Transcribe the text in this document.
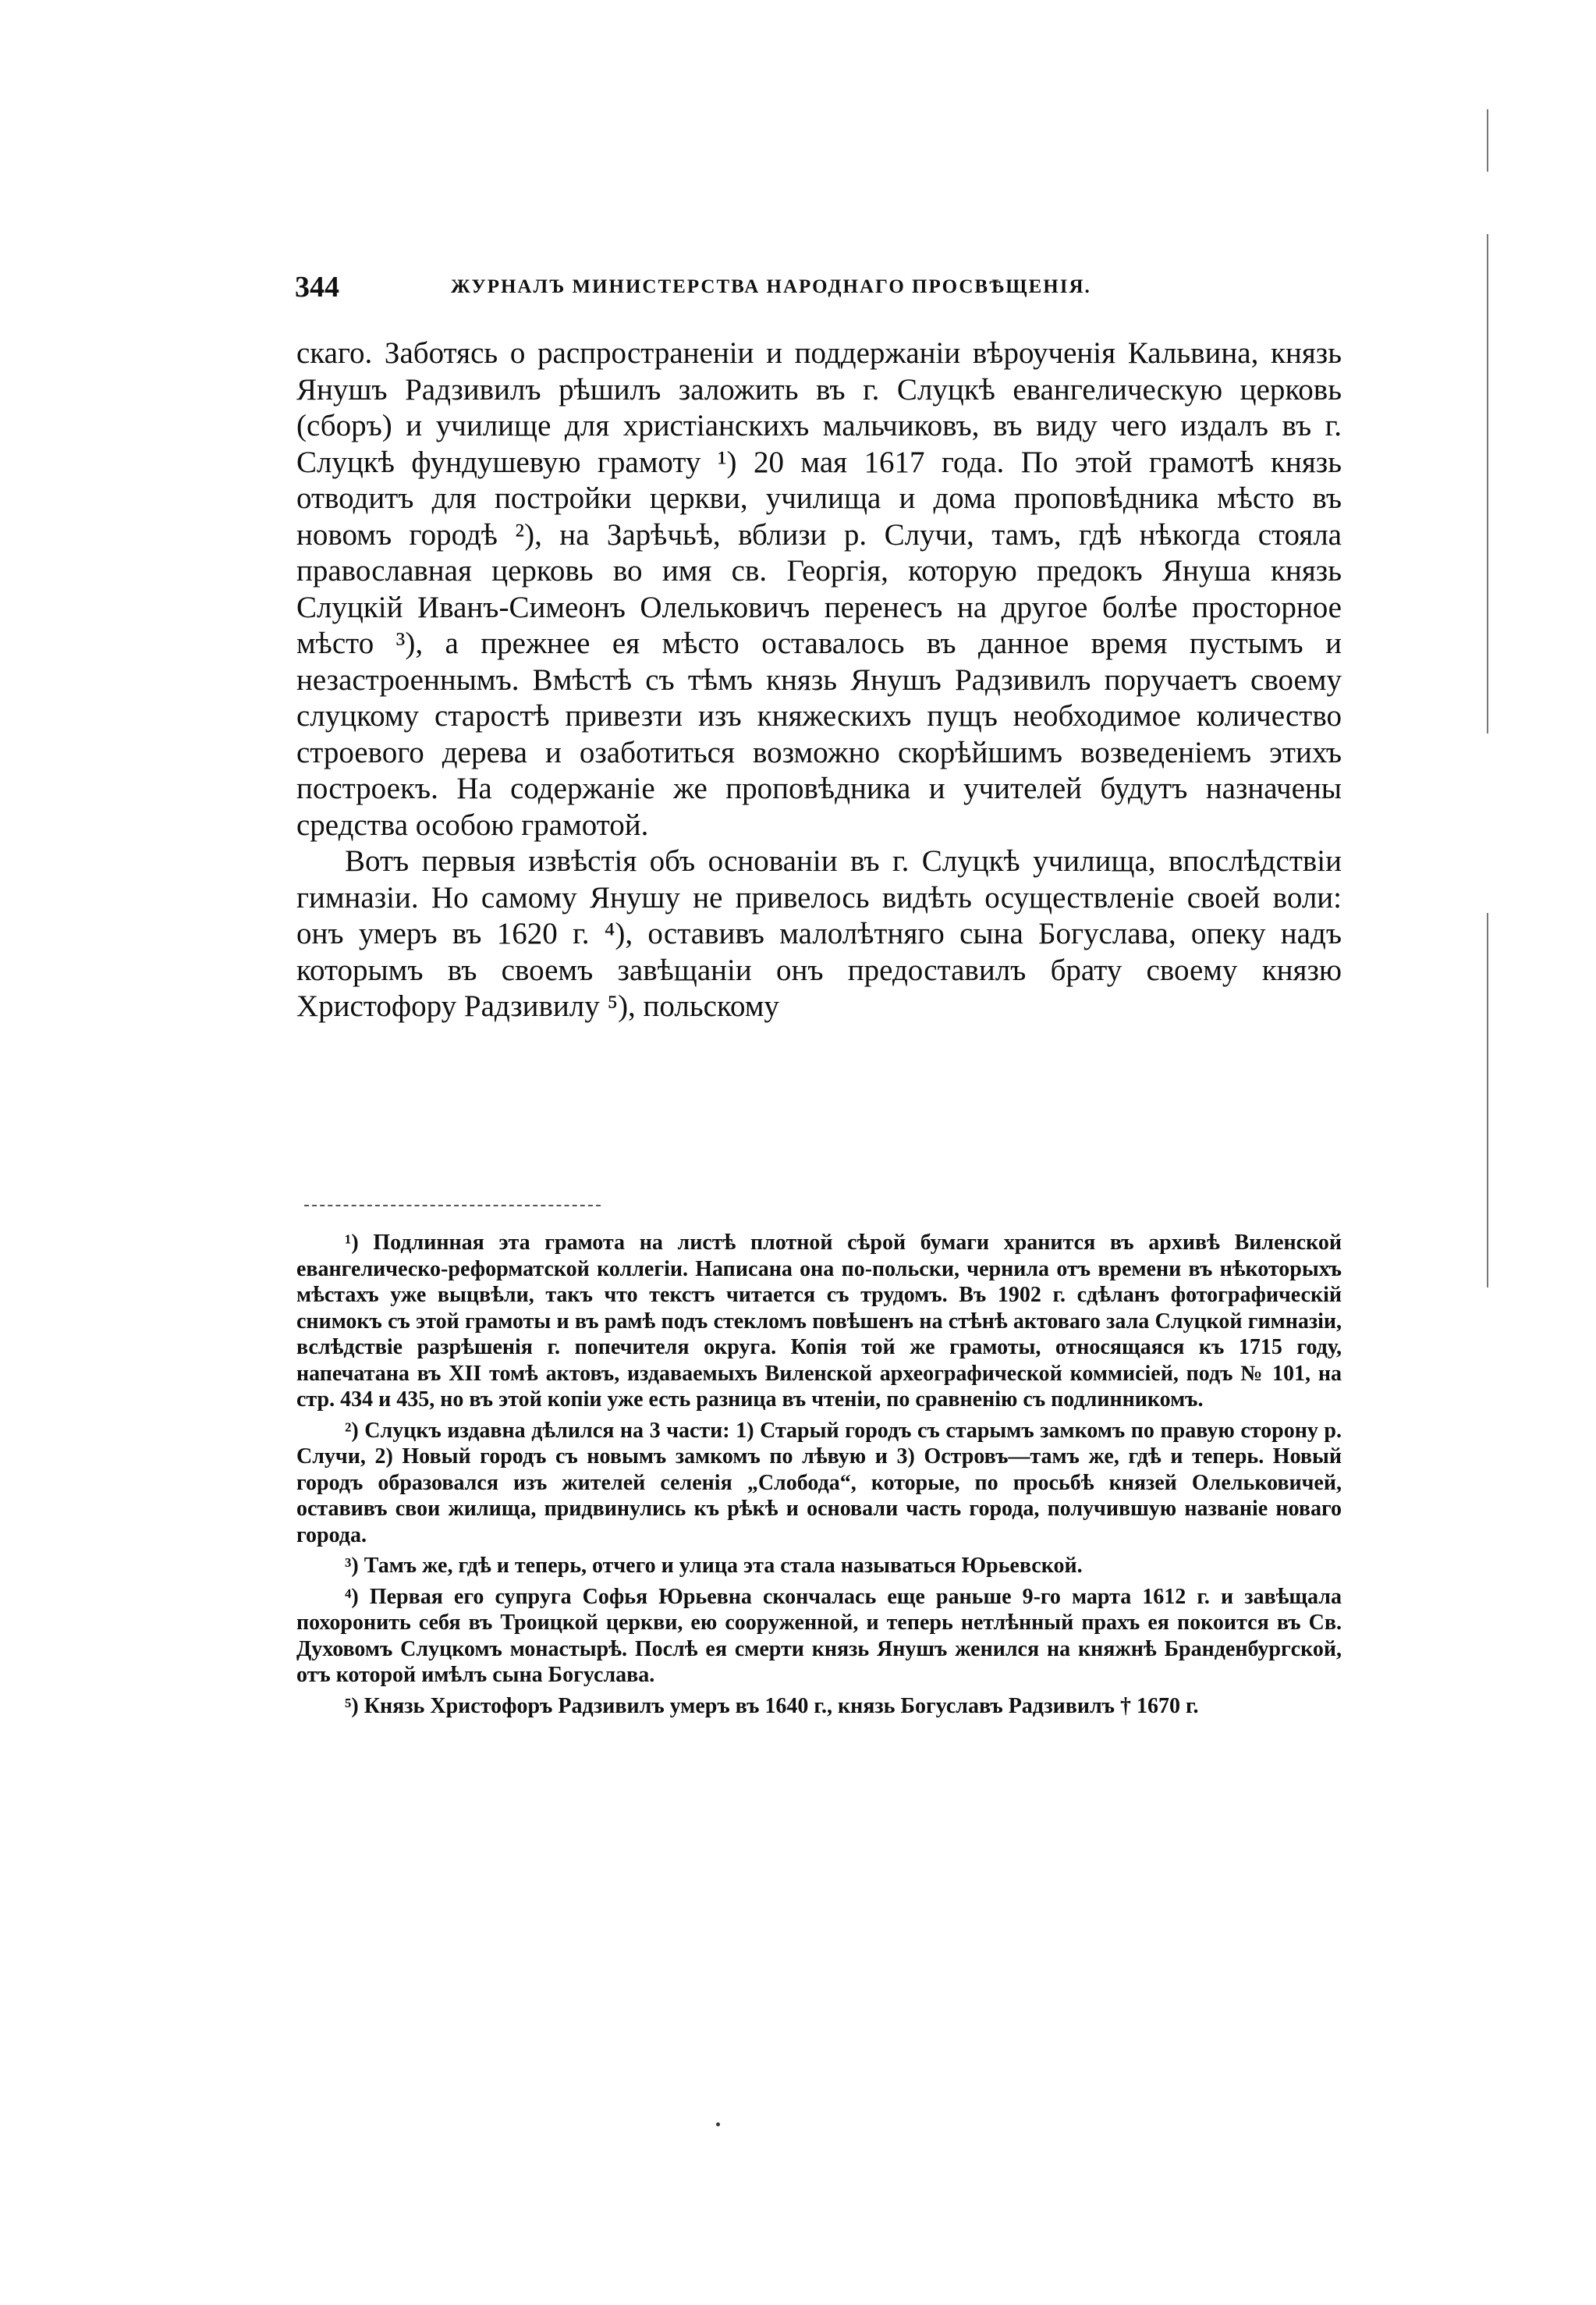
344	ЖУРНАЛЪ МИНИСТЕРСТВА НАРОДНАГО ПРОСВѢЩЕНІЯ.

скаго. Заботясь о распространеніи и поддержаніи вѣроученія Кальвина, князь Янушъ Радзивилъ рѣшилъ заложить въ г. Слуцкѣ евангелическую церковь (сборъ) и училище для христіанскихъ мальчиковъ, въ виду чего издалъ въ г. Слуцкѣ фундушевую грамоту ¹) 20 мая 1617 года. По этой грамотѣ князь отводитъ для постройки церкви, училища и дома проповѣдника мѣсто въ новомъ городѣ ²), на Зарѣчьѣ, вблизи р. Случи, тамъ, гдѣ нѣкогда стояла православная церковь во имя св. Георгія, которую предокъ Януша князь Слуцкій Иванъ-Симеонъ Олельковичъ перенесъ на другое болѣе просторное мѣсто ³), а прежнее ея мѣсто оставалось въ данное время пустымъ и незастроеннымъ. Вмѣстѣ съ тѣмъ князь Янушъ Радзивилъ поручаетъ своему слуцкому старостѣ привезти изъ княжескихъ пущъ необходимое количество строевого дерева и озаботиться возможно скорѣйшимъ возведеніемъ этихъ построекъ. На содержаніе же проповѣдника и учителей будутъ назначены средства особою грамотой.

Вотъ первыя извѣстія объ основаніи въ г. Слуцкѣ училища, впослѣдствіи гимназіи. Но самому Янушу не привелось видѣть осуществленіе своей воли: онъ умеръ въ 1620 г. ⁴), оставивъ малолѣтняго сына Богуслава, опеку надъ которымъ въ своемъ завѣщаніи онъ предоставилъ брату своему князю Христофору Радзивилу ⁵), польскому

¹) Подлинная эта грамота на листѣ плотной сѣрой бумаги хранится въ архивѣ Виленской евангелическо-реформатской коллегіи. Написана она по-польски, чернила отъ времени въ нѣкоторыхъ мѣстахъ уже выцвѣли, такъ что текстъ читается съ трудомъ. Въ 1902 г. сдѣланъ фотографическій снимокъ съ этой грамоты и въ рамѣ подъ стекломъ повѣшенъ на стѣнѣ актоваго зала Слуцкой гимназіи, вслѣдствіе разрѣшенія г. попечителя округа. Копія той же грамоты, относящаяся къ 1715 году, напечатана въ XII томѣ актовъ, издаваемыхъ Виленской археографической коммисіей, подъ № 101, на стр. 434 и 435, но въ этой копіи уже есть разница въ чтеніи, по сравненію съ подлинникомъ.

²) Слуцкъ издавна дѣлился на 3 части: 1) Старый городъ съ старымъ замкомъ по правую сторону р. Случи, 2) Новый городъ съ новымъ замкомъ по лѣвую и 3) Островъ—тамъ же, гдѣ и теперь. Новый городъ образовался изъ жителей селенія „Слобода“, которые, по просьбѣ князей Олельковичей, оставивъ свои жилища, придвинулись къ рѣкѣ и основали часть города, получившую названіе новаго города.

³) Тамъ же, гдѣ и теперь, отчего и улица эта стала называться Юрьевской.

⁴) Первая его супруга Софья Юрьевна скончалась еще раньше 9-го марта 1612 г. и завѣщала похоронить себя въ Троицкой церкви, ею сооруженной, и теперь нетлѣнный прахъ ея покоится въ Св. Духовомъ Слуцкомъ монастырѣ. Послѣ ея смерти князь Янушъ женился на княжнѣ Бранденбургской, отъ которой имѣлъ сына Богуслава.

⁵) Князь Христофоръ Радзивилъ умеръ въ 1640 г., князь Богуславъ Радзивилъ † 1670 г.
